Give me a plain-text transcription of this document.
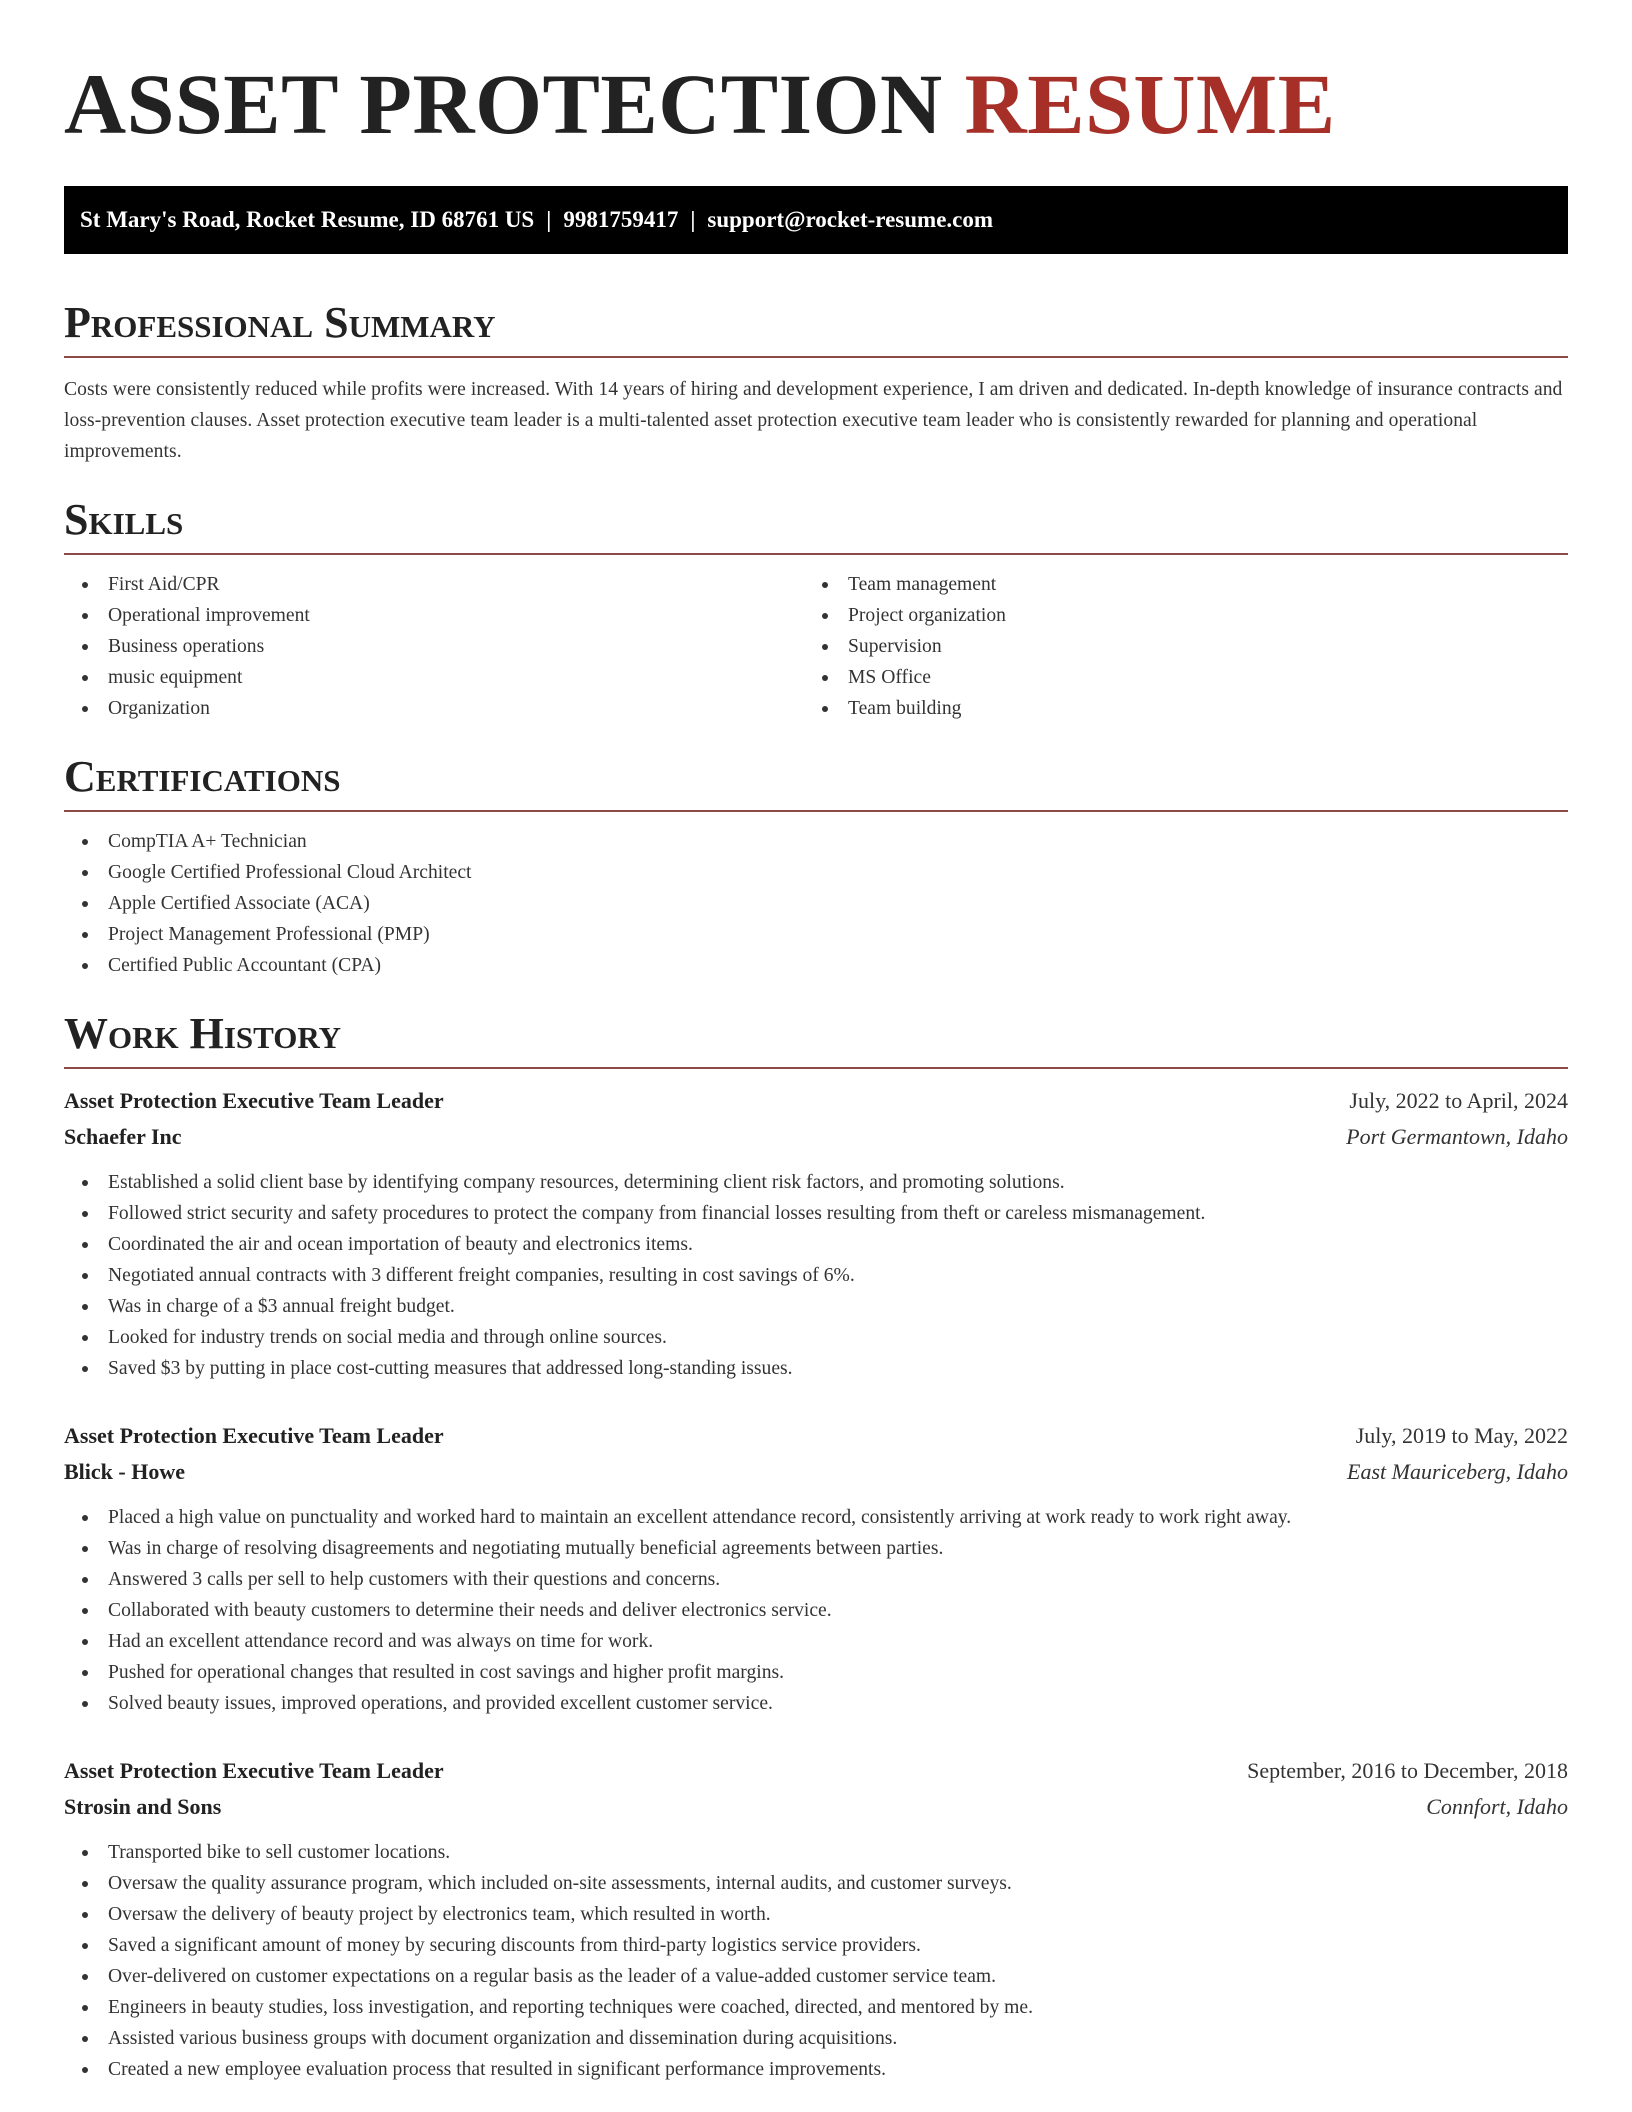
ASSET PROTECTION RESUME
St Mary's Road, Rocket Resume, ID 68761 US | 9981759417 | support@rocket-resume.com
Professional Summary

Costs were consistently reduced while profits were increased. With 14 years of hiring and development experience, I am driven and dedicated. In-depth knowledge of insurance contracts and loss-prevention clauses. Asset protection executive team leader is a multi-talented asset protection executive team leader who is consistently rewarded for planning and operational improvements.

Skills
First Aid/CPR
Operational improvement
Business operations
music equipment
Organization
Team management
Project organization
Supervision
MS Office
Team building
Certifications
CompTIA A+ Technician
Google Certified Professional Cloud Architect
Apple Certified Associate (ACA)
Project Management Professional (PMP)
Certified Public Accountant (CPA)
Work History
Asset Protection Executive Team Leader	July, 2022 to April, 2024
Schaefer Inc	Port Germantown, Idaho
Established a solid client base by identifying company resources, determining client risk factors, and promoting solutions.
Followed strict security and safety procedures to protect the company from financial losses resulting from theft or careless mismanagement.
Coordinated the air and ocean importation of beauty and electronics items.
Negotiated annual contracts with 3 different freight companies, resulting in cost savings of 6%.
Was in charge of a $3 annual freight budget.
Looked for industry trends on social media and through online sources.
Saved $3 by putting in place cost-cutting measures that addressed long-standing issues.
Asset Protection Executive Team Leader	July, 2019 to May, 2022
Blick - Howe	East Mauriceberg, Idaho
Placed a high value on punctuality and worked hard to maintain an excellent attendance record, consistently arriving at work ready to work right away.
Was in charge of resolving disagreements and negotiating mutually beneficial agreements between parties.
Answered 3 calls per sell to help customers with their questions and concerns.
Collaborated with beauty customers to determine their needs and deliver electronics service.
Had an excellent attendance record and was always on time for work.
Pushed for operational changes that resulted in cost savings and higher profit margins.
Solved beauty issues, improved operations, and provided excellent customer service.
Asset Protection Executive Team Leader	September, 2016 to December, 2018
Strosin and Sons	Connfort, Idaho
Transported bike to sell customer locations.
Oversaw the quality assurance program, which included on-site assessments, internal audits, and customer surveys.
Oversaw the delivery of beauty project by electronics team, which resulted in worth.
Saved a significant amount of money by securing discounts from third-party logistics service providers.
Over-delivered on customer expectations on a regular basis as the leader of a value-added customer service team.
Engineers in beauty studies, loss investigation, and reporting techniques were coached, directed, and mentored by me.
Assisted various business groups with document organization and dissemination during acquisitions.
Created a new employee evaluation process that resulted in significant performance improvements.
